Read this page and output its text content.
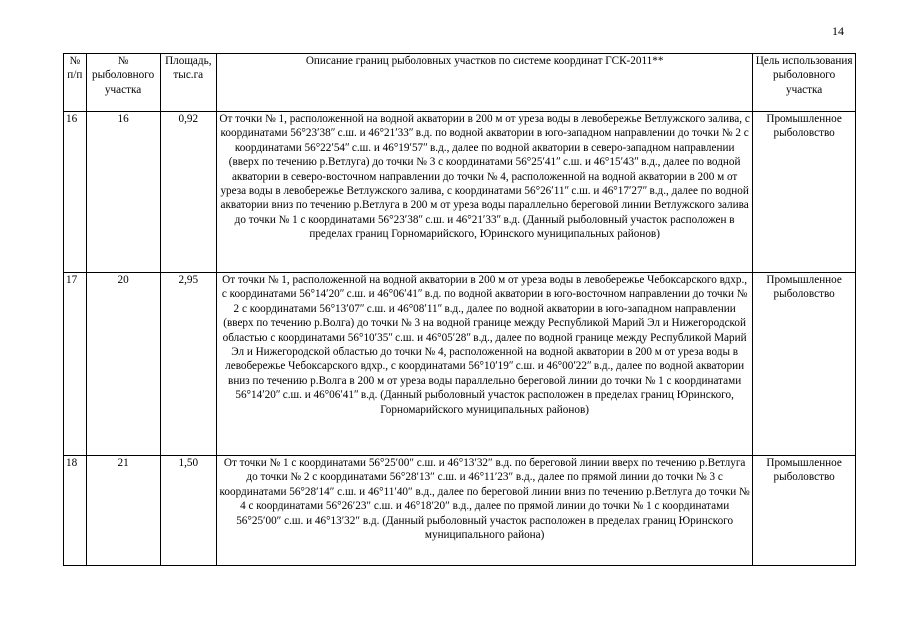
14
№ п/п	№ рыболовного участка	Площадь, тыс.га	Описание границ рыболовных участков по системе координат ГСК-2011**	Цель использования рыболовного участка
16	16	0,92	От точки № 1, расположенной на водной акватории в 200 м от уреза воды в левобережье Ветлужского залива, с координатами 56°23ʹ38ʺ с.ш. и 46°21ʹ33ʺ в.д. по водной акватории в юго-западном направлении до точки № 2 с координатами 56°22ʹ54ʺ с.ш. и 46°19ʹ57ʺ в.д., далее по водной акватории в северо-западном направлении (вверх по течению р.Ветлуга) до точки № 3 с координатами 56°25ʹ41ʺ с.ш. и 46°15ʹ43ʺ в.д., далее по водной акватории в северо-восточном направлении до точки № 4, расположенной на водной акватории в 200 м от уреза воды в левобережье Ветлужского залива, с координатами 56°26ʹ11ʺ с.ш. и 46°17ʹ27ʺ в.д., далее по водной акватории вниз по течению р.Ветлуга в 200 м от уреза воды параллельно береговой линии Ветлужского залива до точки № 1 с координатами 56°23ʹ38ʺ с.ш. и 46°21ʹ33ʺ в.д. (Данный рыболовный участок расположен в пределах границ Горномарийского, Юринского муниципальных районов)	Промышленное рыболовство
17	20	2,95	От точки № 1, расположенной на водной акватории в 200 м от уреза воды в левобережье Чебоксарского вдхр., с координатами 56°14ʹ20ʺ с.ш. и 46°06ʹ41ʺ в.д. по водной акватории в юго-восточном направлении до точки № 2 с координатами 56°13ʹ07ʺ с.ш. и 46°08ʹ11ʺ в.д., далее по водной акватории в юго-западном направлении (вверх по течению р.Волга) до точки № 3 на водной границе между Республикой Марий Эл и Нижегородской областью с координатами 56°10ʹ35ʺ с.ш. и 46°05ʹ28ʺ в.д., далее по водной границе между Республикой Марий Эл и Нижегородской областью до точки № 4, расположенной на водной акватории в 200 м от уреза воды в левобережье Чебоксарского вдхр., с координатами 56°10ʹ19ʺ с.ш. и 46°00ʹ22ʺ в.д., далее по водной акватории вниз по течению р.Волга в 200 м от уреза воды параллельно береговой линии до точки № 1 с координатами 56°14ʹ20ʺ с.ш. и 46°06ʹ41ʺ в.д. (Данный рыболовный участок расположен в пределах границ Юринского, Горномарийского муниципальных районов)	Промышленное рыболовство
18	21	1,50	От точки № 1 с координатами 56°25′00″ с.ш. и 46°13′32″ в.д. по береговой линии вверх по течению р.Ветлуга до точки № 2 с координатами 56°28′13″ с.ш. и 46°11′23″ в.д., далее по прямой линии до точки № 3 с координатами 56°28′14″ с.ш. и 46°11′40″ в.д., далее по береговой линии вниз по течению р.Ветлуга до точки № 4 с координатами 56°26′23″ с.ш. и 46°18′20″ в.д., далее по прямой линии до точки № 1 с координатами 56°25′00″ с.ш. и 46°13′32″ в.д. (Данный рыболовный участок расположен в пределах границ Юринского муниципального района)	Промышленное рыболовство
